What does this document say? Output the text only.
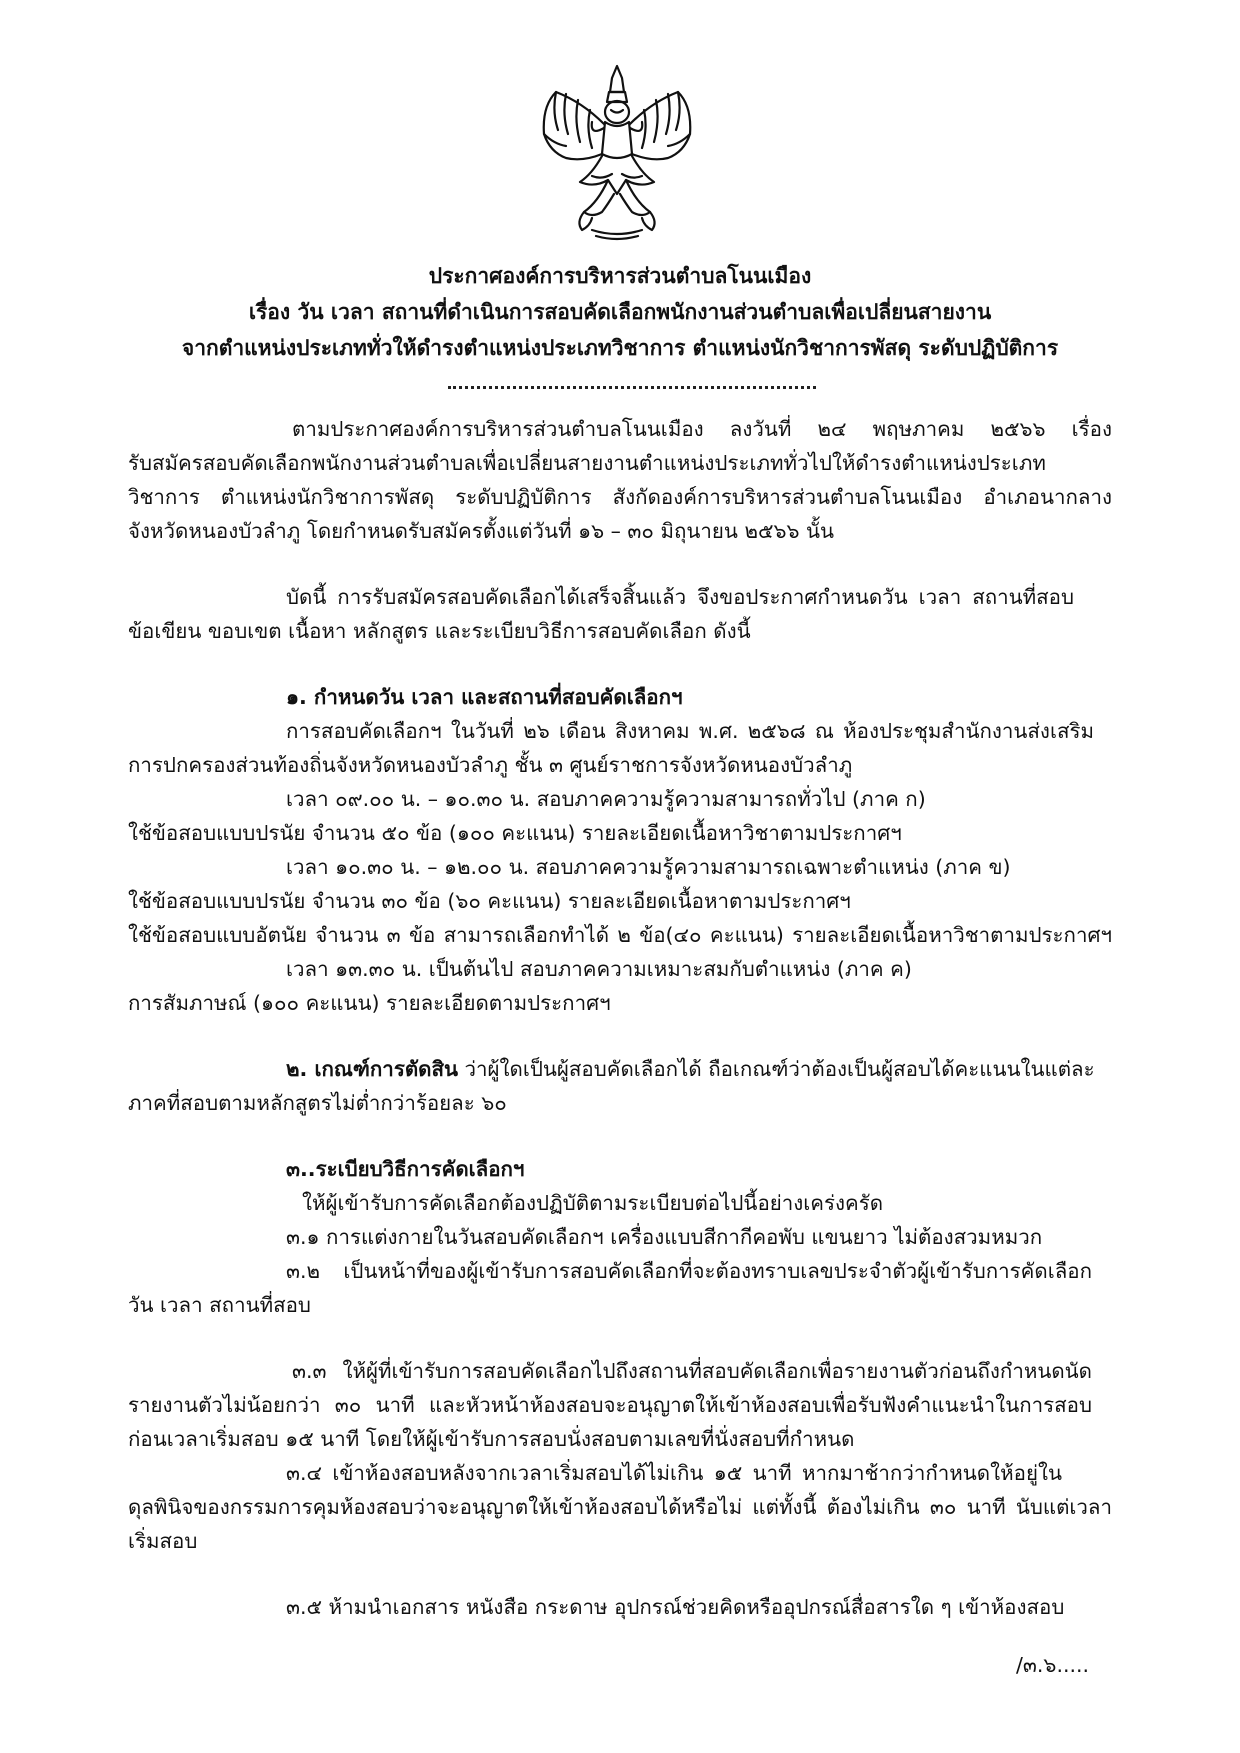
ประกาศองค์การบริหารส่วนตำบลโนนเมือง
เรื่อง วัน เวลา สถานที่ดำเนินการสอบคัดเลือกพนักงานส่วนตำบลเพื่อเปลี่ยนสายงาน
จากตำแหน่งประเภททั่วให้ดำรงตำแหน่งประเภทวิชาการ ตำแหน่งนักวิชาการพัสดุ ระดับปฏิบัติการ
ตามประกาศองค์การบริหารส่วนตำบลโนนเมือง ลงวันที่ ๒๔ พฤษภาคม ๒๕๖๖ เรื่อง
รับสมัครสอบคัดเลือกพนักงานส่วนตำบลเพื่อเปลี่ยนสายงานตำแหน่งประเภททั่วไปให้ดำรงตำแหน่งประเภท
วิชาการ ตำแหน่งนักวิชาการพัสดุ ระดับปฏิบัติการ สังกัดองค์การบริหารส่วนตำบลโนนเมือง อำเภอนากลาง
จังหวัดหนองบัวลำภู โดยกำหนดรับสมัครตั้งแต่วันที่ ๑๖ – ๓๐ มิถุนายน ๒๕๖๖ นั้น
บัดนี้ การรับสมัครสอบคัดเลือกได้เสร็จสิ้นแล้ว จึงขอประกาศกำหนดวัน เวลา สถานที่สอบ
ข้อเขียน ขอบเขต เนื้อหา หลักสูตร และระเบียบวิธีการสอบคัดเลือก ดังนี้
๑. กำหนดวัน เวลา และสถานที่สอบคัดเลือกฯ
การสอบคัดเลือกฯ ในวันที่ ๒๖ เดือน สิงหาคม พ.ศ. ๒๕๖๘ ณ ห้องประชุมสำนักงานส่งเสริม
การปกครองส่วนท้องถิ่นจังหวัดหนองบัวลำภู ชั้น ๓ ศูนย์ราชการจังหวัดหนองบัวลำภู
เวลา ๐๙.๐๐ น. – ๑๐.๓๐ น. สอบภาคความรู้ความสามารถทั่วไป (ภาค ก)
ใช้ข้อสอบแบบปรนัย จำนวน ๕๐ ข้อ (๑๐๐ คะแนน) รายละเอียดเนื้อหาวิชาตามประกาศฯ
เวลา ๑๐.๓๐ น. – ๑๒.๐๐ น. สอบภาคความรู้ความสามารถเฉพาะตำแหน่ง (ภาค ข)
ใช้ข้อสอบแบบปรนัย จำนวน ๓๐ ข้อ (๖๐ คะแนน) รายละเอียดเนื้อหาตามประกาศฯ
ใช้ข้อสอบแบบอัตนัย จำนวน ๓ ข้อ สามารถเลือกทำได้ ๒ ข้อ(๔๐ คะแนน) รายละเอียดเนื้อหาวิชาตามประกาศฯ
เวลา ๑๓.๓๐ น. เป็นต้นไป สอบภาคความเหมาะสมกับตำแหน่ง (ภาค ค)
การสัมภาษณ์ (๑๐๐ คะแนน) รายละเอียดตามประกาศฯ
๒. เกณฑ์การตัดสิน ว่าผู้ใดเป็นผู้สอบคัดเลือกได้ ถือเกณฑ์ว่าต้องเป็นผู้สอบได้คะแนนในแต่ละ
ภาคที่สอบตามหลักสูตรไม่ต่ำกว่าร้อยละ ๖๐
๓..ระเบียบวิธีการคัดเลือกฯ
ให้ผู้เข้ารับการคัดเลือกต้องปฏิบัติตามระเบียบต่อไปนี้อย่างเคร่งครัด
๓.๑ การแต่งกายในวันสอบคัดเลือกฯ เครื่องแบบสีกากีคอพับ แขนยาว ไม่ต้องสวมหมวก
๓.๒ เป็นหน้าที่ของผู้เข้ารับการสอบคัดเลือกที่จะต้องทราบเลขประจำตัวผู้เข้ารับการคัดเลือก
วัน เวลา สถานที่สอบ
๓.๓ ให้ผู้ที่เข้ารับการสอบคัดเลือกไปถึงสถานที่สอบคัดเลือกเพื่อรายงานตัวก่อนถึงกำหนดนัด
รายงานตัวไม่น้อยกว่า ๓๐ นาที และหัวหน้าห้องสอบจะอนุญาตให้เข้าห้องสอบเพื่อรับฟังคำแนะนำในการสอบ
ก่อนเวลาเริ่มสอบ ๑๕ นาที โดยให้ผู้เข้ารับการสอบนั่งสอบตามเลขที่นั่งสอบที่กำหนด
๓.๔ เข้าห้องสอบหลังจากเวลาเริ่มสอบได้ไม่เกิน ๑๕ นาที หากมาช้ากว่ากำหนดให้อยู่ใน
ดุลพินิจของกรรมการคุมห้องสอบว่าจะอนุญาตให้เข้าห้องสอบได้หรือไม่ แต่ทั้งนี้ ต้องไม่เกิน ๓๐ นาที นับแต่เวลา
เริ่มสอบ
๓.๕ ห้ามนำเอกสาร หนังสือ กระดาษ อุปกรณ์ช่วยคิดหรืออุปกรณ์สื่อสารใด ๆ เข้าห้องสอบ
/๓.๖.....
